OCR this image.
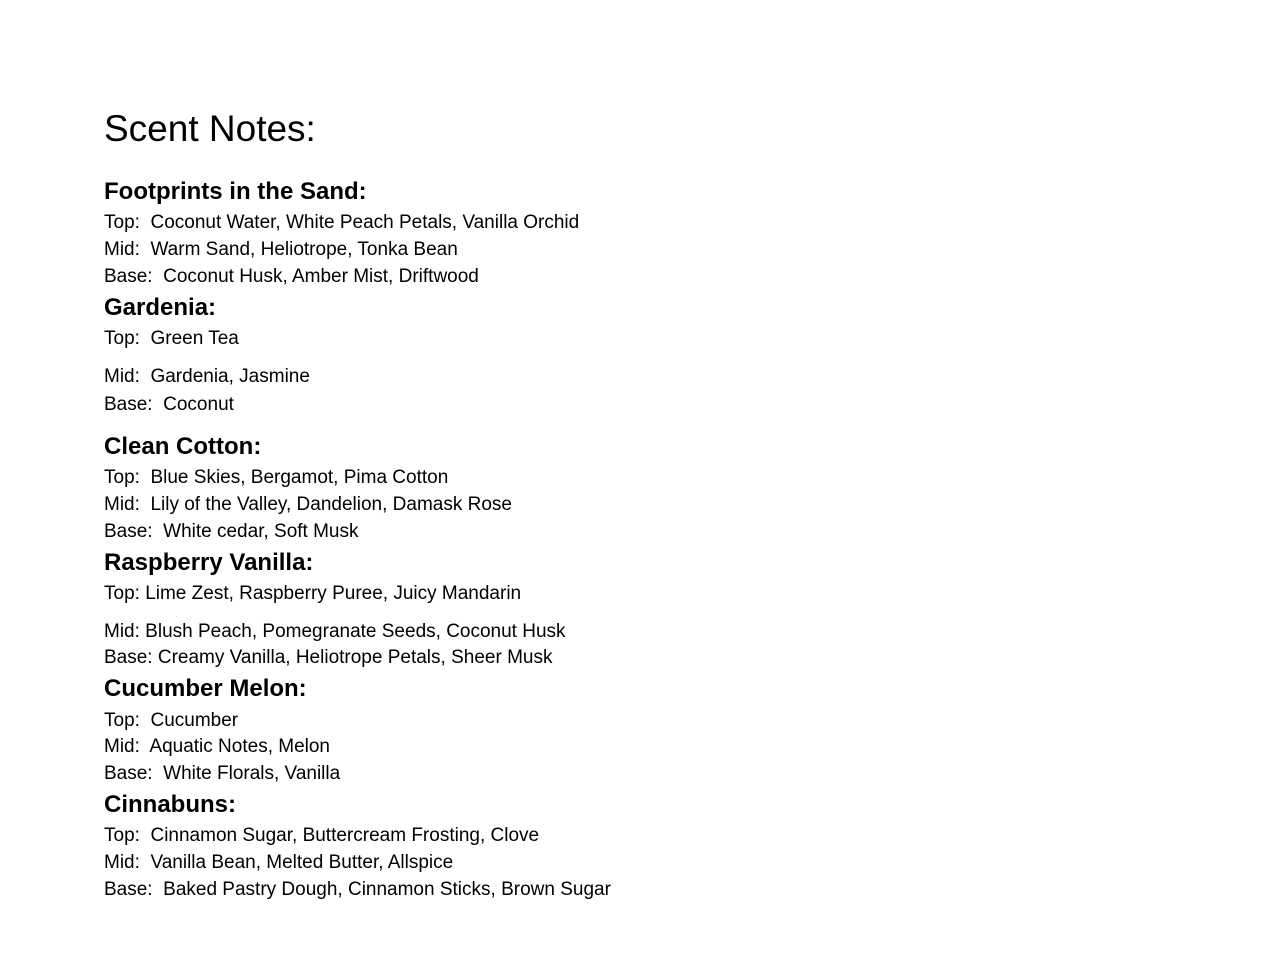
Scent Notes:
Footprints in the Sand:

Top:  Coconut Water, White Peach Petals, Vanilla Orchid

Mid:  Warm Sand, Heliotrope, Tonka Bean

Base:  Coconut Husk, Amber Mist, Driftwood

Gardenia:

Top:  Green Tea

Mid:  Gardenia, Jasmine

Base:  Coconut

Clean Cotton:

Top:  Blue Skies, Bergamot, Pima Cotton

Mid:  Lily of the Valley, Dandelion, Damask Rose

Base:  White cedar, Soft Musk

Raspberry Vanilla:

Top: Lime Zest, Raspberry Puree, Juicy Mandarin

Mid: Blush Peach, Pomegranate Seeds, Coconut Husk

Base: Creamy Vanilla, Heliotrope Petals, Sheer Musk

Cucumber Melon:

Top:  Cucumber

Mid:  Aquatic Notes, Melon

Base:  White Florals, Vanilla

Cinnabuns:

Top:  Cinnamon Sugar, Buttercream Frosting, Clove

Mid:  Vanilla Bean, Melted Butter, Allspice

Base:  Baked Pastry Dough, Cinnamon Sticks, Brown Sugar
